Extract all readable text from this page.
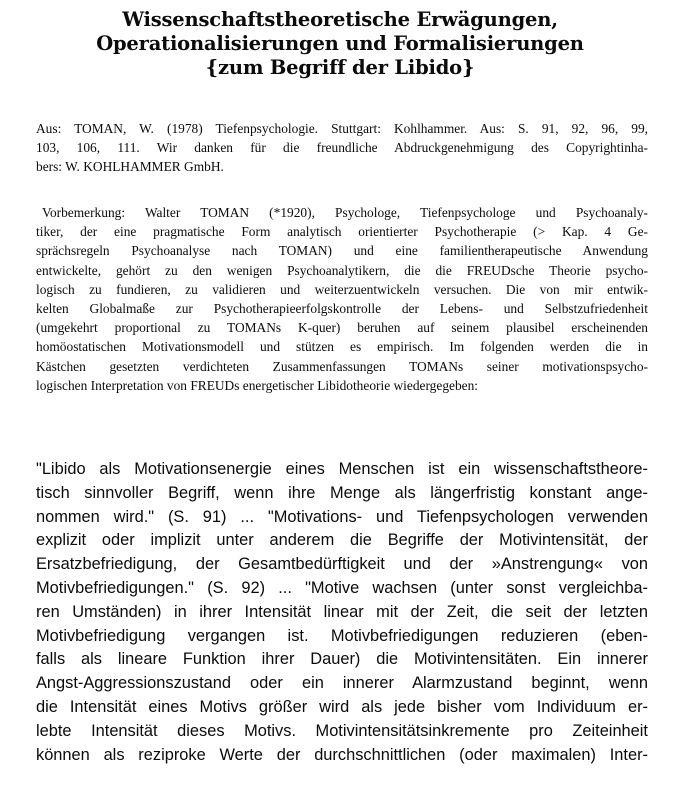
Wissenschaftstheoretische Erwägungen,
Operationalisierungen und Formalisierungen
{zum Begriff der Libido}
Aus: TOMAN, W. (1978) Tiefenpsychologie. Stuttgart: Kohlhammer. Aus: S. 91, 92, 96, 99,
103, 106, 111. Wir danken für die freundliche Abdruckgenehmigung des Copyrightinha-
bers: W. KOHLHAMMER GmbH.
Vorbemerkung: Walter TOMAN (*1920), Psychologe, Tiefenpsychologe und Psychoanaly-
tiker, der eine pragmatische Form analytisch orientierter Psychotherapie (> Kap. 4 Ge-
sprächsregeln Psychoanalyse nach TOMAN) und eine familientherapeutische Anwendung
entwickelte, gehört zu den wenigen Psychoanalytikern, die die FREUDsche Theorie psycho-
logisch zu fundieren, zu validieren und weiterzuentwickeln versuchen. Die von mir entwik-
kelten Globalmaße zur Psychotherapieerfolgskontrolle der Lebens- und Selbstzufriedenheit
(umgekehrt proportional zu TOMANs K-quer) beruhen auf seinem plausibel erscheinenden
homöostatischen Motivationsmodell und stützen es empirisch. Im folgenden werden die in
Kästchen gesetzten verdichteten Zusammenfassungen TOMANs seiner motivationspsycho-
logischen Interpretation von FREUDs energetischer Libidotheorie wiedergegeben:
"Libido als Motivationsenergie eines Menschen ist ein wissenschaftstheore-
tisch sinnvoller Begriff, wenn ihre Menge als längerfristig konstant ange-
nommen wird." (S. 91) ... "Motivations- und Tiefenpsychologen verwenden
explizit oder implizit unter anderem die Begriffe der Motivintensität, der
Ersatzbefriedigung, der Gesamtbedürftigkeit und der »Anstrengung« von
Motivbefriedigungen." (S. 92) ... "Motive wachsen (unter sonst vergleichba-
ren Umständen) in ihrer Intensität linear mit der Zeit, die seit der letzten
Motivbefriedigung vergangen ist. Motivbefriedigungen reduzieren (eben-
falls als lineare Funktion ihrer Dauer) die Motivintensitäten. Ein innerer
Angst-Aggressionszustand oder ein innerer Alarmzustand beginnt, wenn
die Intensität eines Motivs größer wird als jede bisher vom Individuum er-
lebte Intensität dieses Motivs. Motivintensitätsinkremente pro Zeiteinheit
können als reziproke Werte der durchschnittlichen (oder maximalen) Inter-
